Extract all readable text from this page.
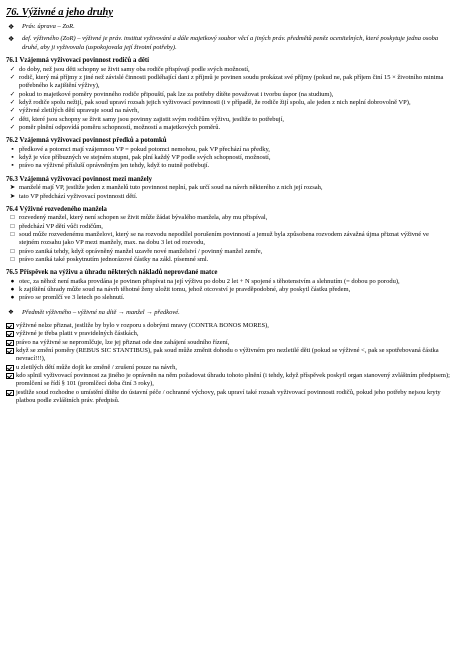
76. Výživné a jeho druhy
❖	Práv. úprava – ZoR.
❖	def. výživného (ZoR) – výživné je práv. institut vyživování a dále majetkový soubor věcí a jiných práv. předmětů peněz ocenitelných, které poskytuje jedna osoba druhé, aby ji vyživovala (uspokojovala její životní potřeby).
76.1 Vzájemná vyživovací povinnost rodičů a dětí
✓ do doby, než jsou děti schopny se živit samy oba rodiče přispívají podle svých možností,
✓ rodič, který má příjmy z jiné než závislé činnosti podléhající dani z příjmů je povinen soudu prokázat své příjmy (pokud ne, pak příjem činí 15 × životního minima potřebného k zajištění výživy),
✓ pokud to majetkové poměry povinného rodiče připouští, pak lze za potřeby dítěte považovat i tvorbu úspor (na studium),
✓ když rodiče spolu nežijí, pak soud upraví rozsah jejich vyživovací povinnosti (i v případě, že rodiče žijí spolu, ale jeden z nich neplní dobrovolně VP),
✓ výživné zletilých dětí upravuje soud na návrh,
✓ děti, které jsou schopny se živit samy jsou povinny zajistit svým rodičům výživu, jestliže to potřebují,
✓ poměr plnění odpovídá poměru schopností, možností a majetkových poměrů.
76.2 Vzájemná vyživovací povinnost předků a potomků
▪ předkové a potomci mají vzájemnou VP = pokud potomci nemohou, pak VP přechází na předky,
▪ když je více příbuzných ve stejném stupni, pak plní každý VP podle svých schopností, možností,
▪ právo na výživné přísluší oprávněným jen tehdy, když to nutně potřebují.
76.3 Vzájemná vyživovací povinnost mezi manžely
➤ manželé mají VP, jestliže jeden z manželů tuto povinnost neplní, pak určí soud na návrh některého z nich její rozsah,
➤ tato VP předchází vyživovací povinnosti dětí.
76.4 Výživné rozvedeného manžela
□ rozvedený manžel, který není schopen se živit může žádat bývalého manžela, aby mu přispíval,
□ předchází VP dětí vůči rodičům,
□ soud může rozvedenému manželovi, který se na rozvodu nepodílel porušením povinností a jemuž byla způsobena rozvodem závažná újma přiznat výživné ve stejném rozsahu jako VP mezi manžely, max. na dobu 3 let od rozvodu,
□ právo zaniká tehdy, když oprávněný manžel uzavře nové manželství / povinný manžel zemře,
□ právo zaniká také poskytnutím jednorázové částky na zákl. písemné sml.
76.5 Příspěvek na výživu a úhradu některých nákladů neprovdané matce
● otec, za něhož není matka provdána je povinen přispívat na její výživu po dobu 2 let + N spojené s těhotenstvím a slehnutím (= dobou po porodu),
● k zajištění úhrady může soud na návrh těhotné ženy uložit tomu, jehož otcovství je pravděpodobné, aby poskytl částku předem,
● právo se promlčí ve 3 letech po slehnutí.
❖	Předmět výživného – výživné na dítě → manžel → předkové.
výživné nelze přiznat, jestliže by bylo v rozporu s dobrými mravy (CONTRA BONOS MORES),
výživné je třeba platit v pravidelných částkách,
právo na výživné se nepromlčuje, lze jej přiznat ode dne zahájení soudního řízení,
když se změní poměry (REBUS SIC STANTIBUS), pak soud může změnit dohodu o výživném pro nezletilé děti (pokud se výživné <, pak se spotřebovaná částka nevrací!!!),
u zletilých dětí může dojít ke změně / zrušení pouze na návrh,
kdo splnil vyživovací povinnost za jiného je oprávněn na něm požadovat úhradu tohoto plnění (i tehdy, když příspěvek poskytl organ stanovený zvláštním předpisem); promlčení se řídí § 101 (promlčecí doba činí 3 roky),
jestliže soud rozhodne o umístění dítěte do ústavní péče / ochranné výchovy, pak upraví také rozsah vyživovací povinnosti rodičů, pokud jeho potřeby nejsou kryty platbou podle zvláštních práv. předpisů.
